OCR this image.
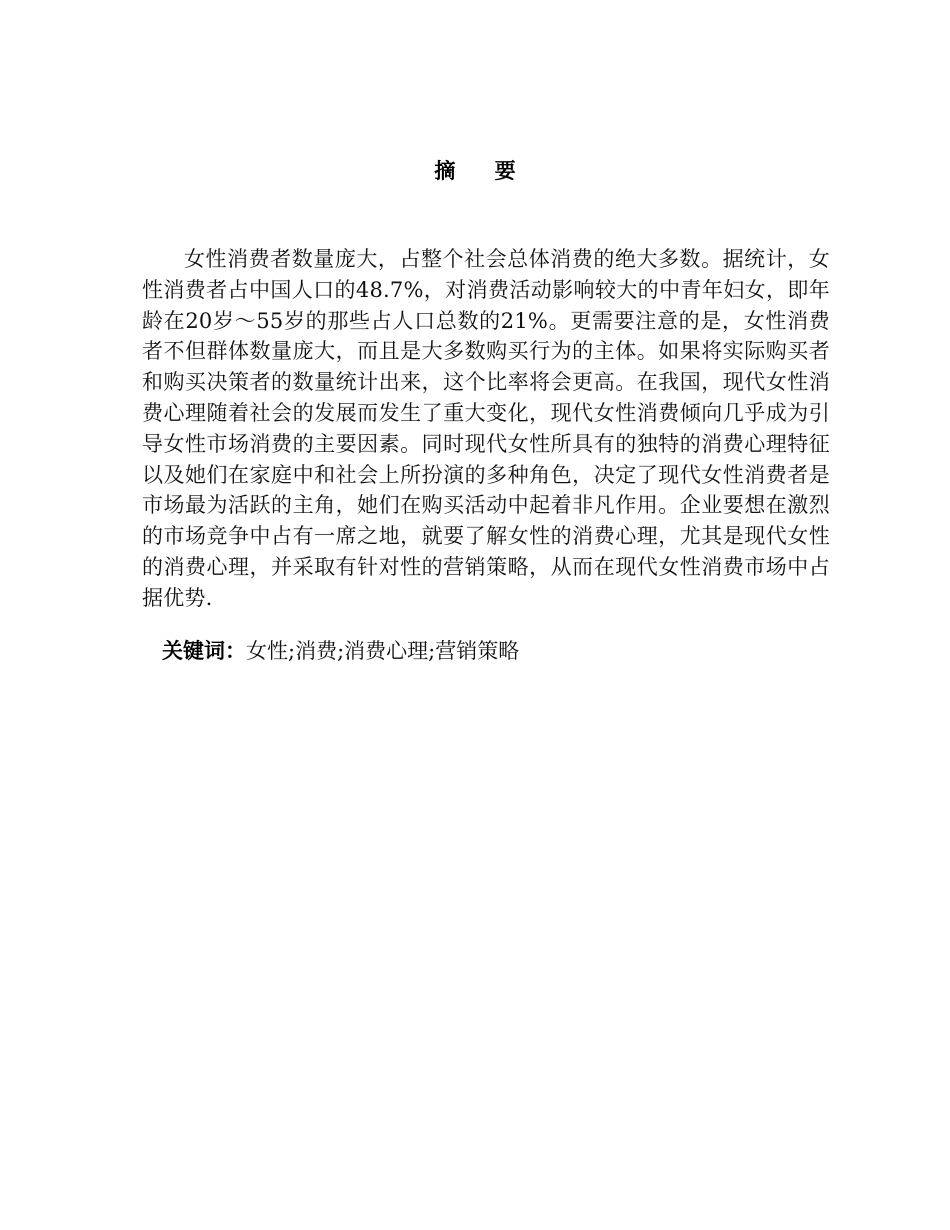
摘 要

女性消费者数量庞大，占整个社会总体消费的绝大多数。据统计，女性消费者占中国人口的48.7%，对消费活动影响较大的中青年妇女，即年龄在20岁～55岁的那些占人口总数的21%。更需要注意的是，女性消费者不但群体数量庞大，而且是大多数购买行为的主体。如果将实际购买者和购买决策者的数量统计出来，这个比率将会更高。在我国，现代女性消费心理随着社会的发展而发生了重大变化，现代女性消费倾向几乎成为引导女性市场消费的主要因素。同时现代女性所具有的独特的消费心理特征以及她们在家庭中和社会上所扮演的多种角色，决定了现代女性消费者是市场最为活跃的主角，她们在购买活动中起着非凡作用。企业要想在激烈的市场竞争中占有一席之地，就要了解女性的消费心理，尤其是现代女性的消费心理，并采取有针对性的营销策略，从而在现代女性消费市场中占据优势.

关键词：女性;消费;消费心理;营销策略
